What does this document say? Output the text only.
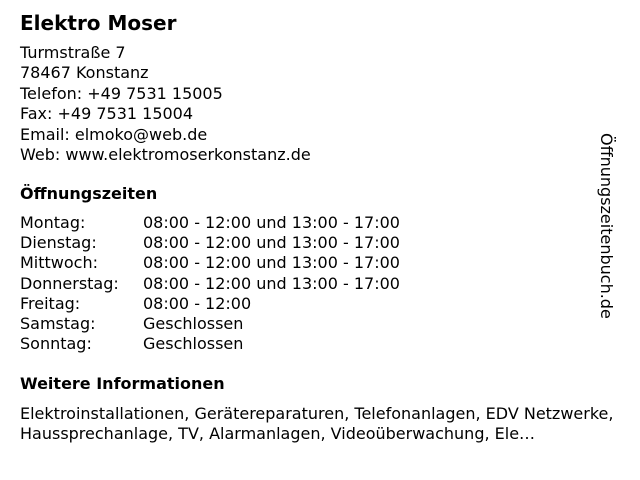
Elektro Moser
Turmstraße 7
78467 Konstanz
Telefon: +49 7531 15005
Fax: +49 7531 15004
Email: elmoko@web.de
Web: www.elektromoserkonstanz.de
Öffnungszeiten
Montag:	08:00 - 12:00 und 13:00 - 17:00
Dienstag:	08:00 - 12:00 und 13:00 - 17:00
Mittwoch:	08:00 - 12:00 und 13:00 - 17:00
Donnerstag:	08:00 - 12:00 und 13:00 - 17:00
Freitag:	08:00 - 12:00
Samstag:	Geschlossen
Sonntag:	Geschlossen
Weitere Informationen
Elektroinstallationen, Gerätereparaturen, Telefonanlagen, EDV Netzwerke, Haussprechanlage, TV, Alarmanlagen, Videoüberwachung, Ele…
Öffnungszeitenbuch.de
